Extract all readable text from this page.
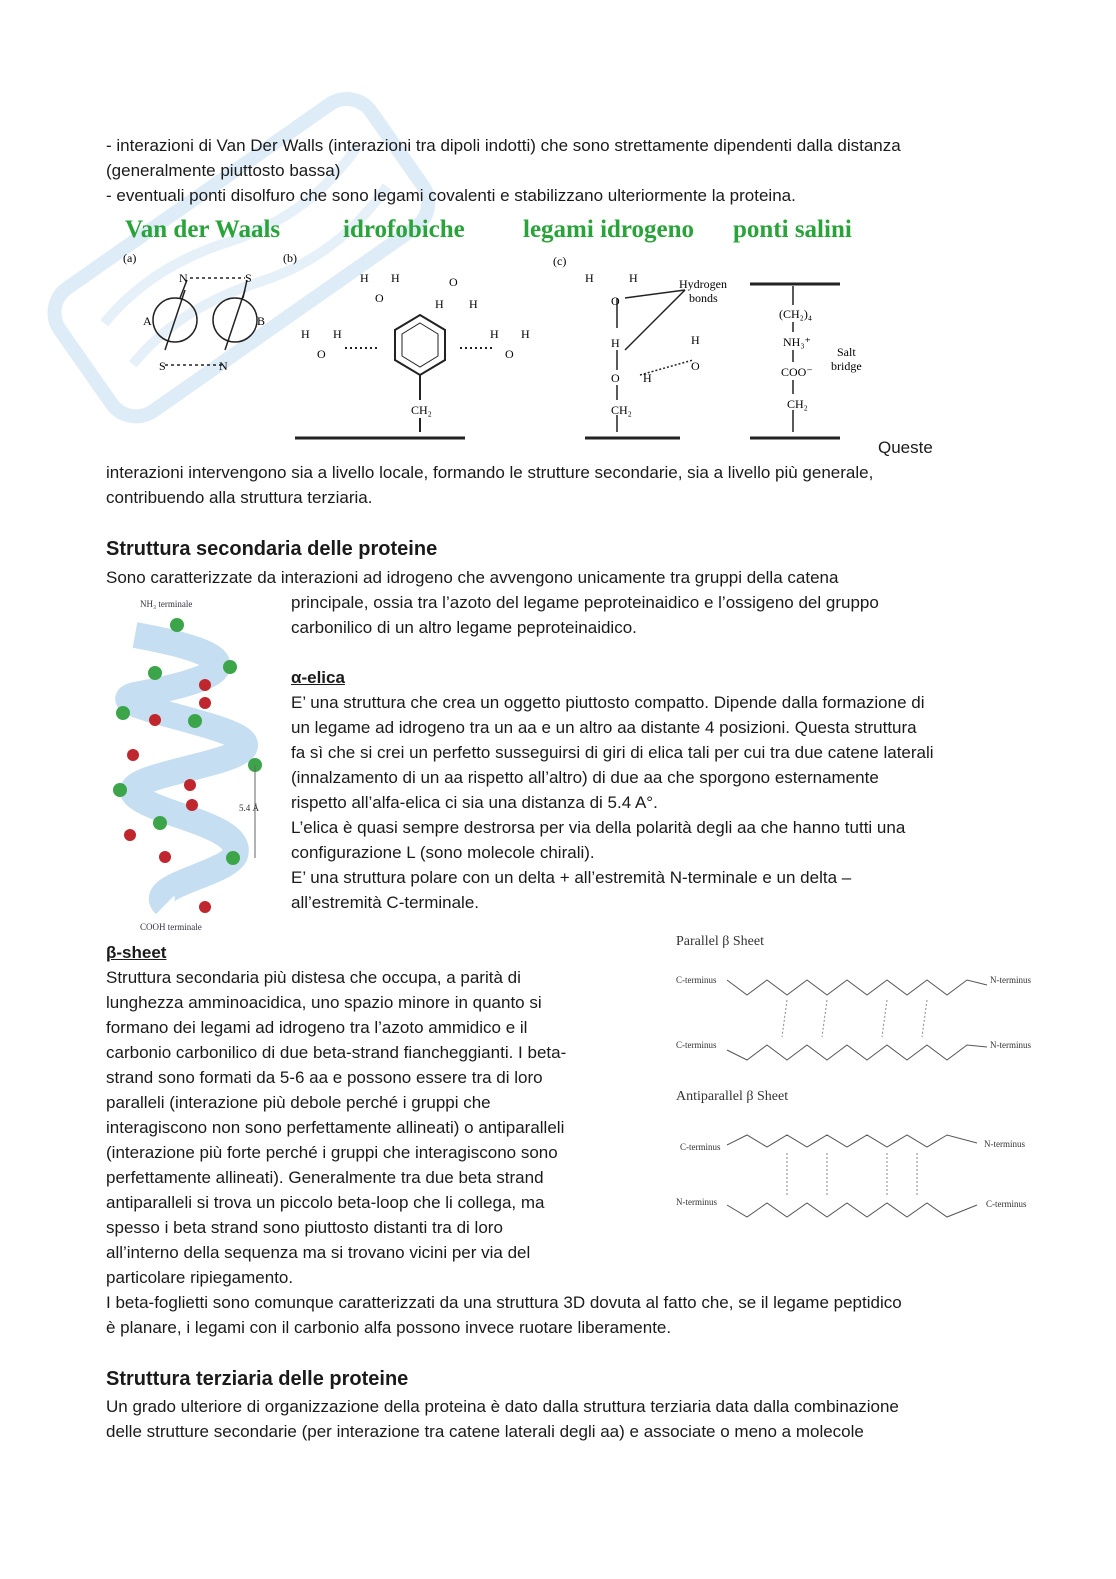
- interazioni di Van Der Walls (interazioni tra dipoli indotti) che sono strettamente dipendenti dalla distanza
(generalmente piuttosto bassa)
- eventuali ponti disolfuro che sono legami covalenti e stabilizzano ulteriormente la proteina.
Van der Waals	idrofobiche legami idrogeno ponti salini
(a)	(b)	(c)
N	S
A	B
S	N
H H
O
O
H H
H H
O
H H
O
CH₂
H	H
O
H
O H
O
H
CH₂
Hydrogen
bonds
(CH₂)₄
NH₃⁺
COO⁻
CH₂
Salt
bridge
Queste
interazioni intervengono sia a livello locale, formando le strutture secondarie, sia a livello più generale,
contribuendo alla struttura terziaria.
Struttura secondaria delle proteine
Sono caratterizzate da interazioni ad idrogeno che avvengono unicamente tra gruppi della catena
principale, ossia tra l’azoto del legame peproteinaidico e l’ossigeno del gruppo
carbonilico di un altro legame peproteinaidico.
NH₃ terminale
5.4 Å
COOH terminale
α-elica
E’ una struttura che crea un oggetto piuttosto compatto. Dipende dalla formazione di
un legame ad idrogeno tra un aa e un altro aa distante 4 posizioni. Questa struttura
fa sì che si crei un perfetto susseguirsi di giri di elica tali per cui tra due catene laterali
(innalzamento di un aa rispetto all’altro) di due aa che sporgono esternamente
rispetto all’alfa-elica ci sia una distanza di 5.4 A°.
L’elica è quasi sempre destrorsa per via della polarità degli aa che hanno tutti una
configurazione L (sono molecole chirali).
E’ una struttura polare con un delta + all’estremità N-terminale e un delta –
all’estremità C-terminale.
β-sheet
Struttura secondaria più distesa che occupa, a parità di
lunghezza amminoacidica, uno spazio minore in quanto si
formano dei legami ad idrogeno tra l’azoto ammidico e il
carbonio carbonilico di due beta-strand fiancheggianti. I beta-
strand sono formati da 5-6 aa e possono essere tra di loro
paralleli (interazione più debole perché i gruppi che
interagiscono non sono perfettamente allineati) o antiparalleli
(interazione più forte perché i gruppi che interagiscono sono
perfettamente allineati). Generalmente tra due beta strand
antiparalleli si trova un piccolo beta-loop che li collega, ma
spesso i beta strand sono piuttosto distanti tra di loro
all’interno della sequenza ma si trovano vicini per via del
particolare ripiegamento.
I beta-foglietti sono comunque caratterizzati da una struttura 3D dovuta al fatto che, se il legame peptidico
è planare, i legami con il carbonio alfa possono invece ruotare liberamente.
Parallel β Sheet
C-terminus	N-terminus
C-terminus	N-terminus
Antiparallel β Sheet
C-terminus	N-terminus
N-terminus	C-terminus
Struttura terziaria delle proteine
Un grado ulteriore di organizzazione della proteina è dato dalla struttura terziaria data dalla combinazione
delle strutture secondarie (per interazione tra catene laterali degli aa) e associate o meno a molecole
